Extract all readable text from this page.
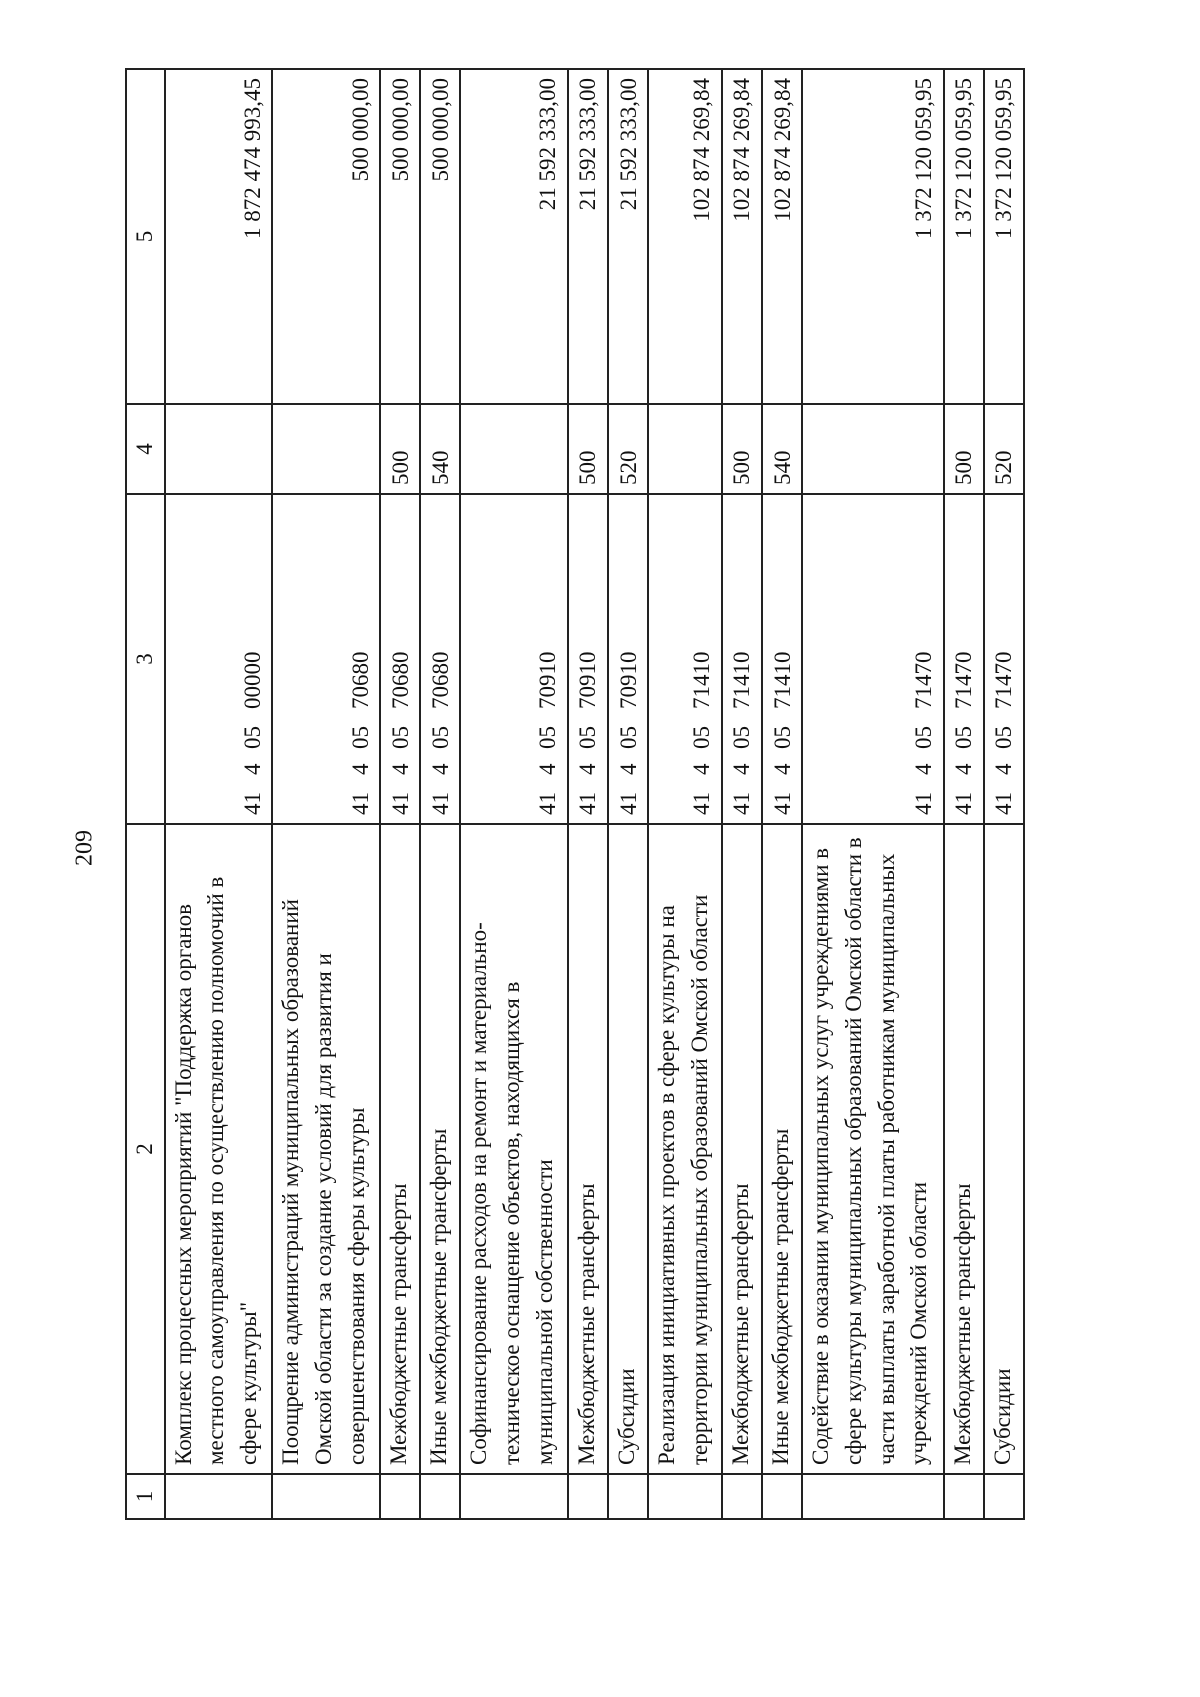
209
1	2	3	4	5
	Комплекс процессных мероприятий "Поддержка органов местного самоуправления по осуществлению полномочий в сфере культуры"	4140500000		1 872 474 993,45
	Поощрение администраций муниципальных образований Омской области за создание условий для развития и совершенствования сферы культуры	4140570680		500 000,00
	Межбюджетные трансферты	4140570680	500	500 000,00
	Иные межбюджетные трансферты	4140570680	540	500 000,00
	Софинансирование расходов на ремонт и материально-техническое оснащение объектов, находящихся в муниципальной собственности	4140570910		21 592 333,00
	Межбюджетные трансферты	4140570910	500	21 592 333,00
	Субсидии	4140570910	520	21 592 333,00
	Реализация инициативных проектов в сфере культуры на территории муниципальных образований Омской области	4140571410		102 874 269,84
	Межбюджетные трансферты	4140571410	500	102 874 269,84
	Иные межбюджетные трансферты	4140571410	540	102 874 269,84
	Содействие в оказании муниципальных услуг учреждениями в сфере культуры муниципальных образований Омской области в части выплаты заработной платы работникам муниципальных учреждений Омской области	4140571470		1 372 120 059,95
	Межбюджетные трансферты	4140571470	500	1 372 120 059,95
	Субсидии	4140571470	520	1 372 120 059,95
